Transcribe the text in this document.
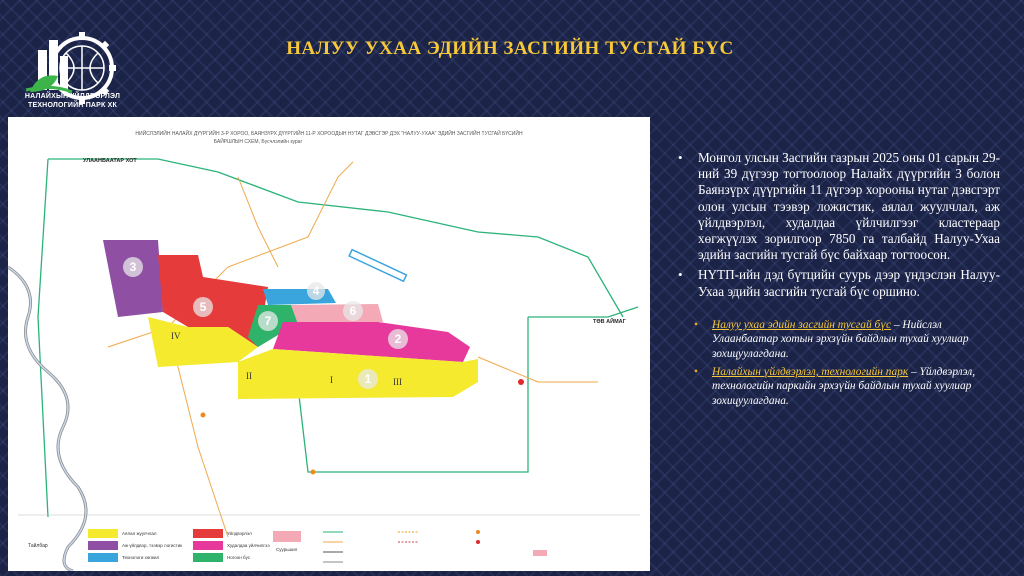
НАЛАЙХЫН ҮЙЛДВЭРЛЭЛ
ТЕХНОЛОГИЙН ПАРК ХК
НАЛУУ УХАА ЭДИЙН ЗАСГИЙН ТУСГАЙ БҮС
НИЙСЛЭЛИЙН НАЛАЙХ ДҮҮРГИЙН 3-Р ХОРОО, БАЯНЗҮРХ ДҮҮРГИЙН 11-Р ХОРООДЫН НУТАГ ДЭВСГЭР ДЭХ "НАЛУУ-УХАА" ЭДИЙН ЗАСГИЙН ТУСГАЙ БҮСИЙН
БАЙРШЛЫН СХЕМ, Бүсчлэлийн зураг
УЛААНБААТАР ХОТ
ТӨВ АЙМАГ
1
2
3
4
5	6
7
I
II
III
IV
Тайлбар
Аялал жуулчлал
Аж үйлдвэр, тээвэр логистик
Технологи хөгжил
Үйлдвэрлэл
Худалдаа үйлчилгээ
Ногоон бүс
Суурьшил
• Монгол улсын Засгийн газрын 2025 оны 01 сарын 29-ний 39 дүгээр тогтоолоор Налайх дүүргийн 3 болон Баянзүрх дүүргийн 11 дүгээр хорооны нутаг дэвсгэрт олон улсын тээвэр ложистик, аялал жуулчлал, аж үйлдвэрлэл, худалдаа үйлчилгээг кластераар хөгжүүлэх зорилгоор 7850 га талбайд Налуу-Ухаа эдийн засгийн тусгай бүс байхаар тогтоосон.
• НҮТП-ийн дэд бүтцийн суурь дээр үндэслэн Налуу-Ухаа эдийн засгийн тусгай бүс оршино.
• Налуу ухаа эдийн засгийн тусгай бүс – Нийслэл Улаанбаатар хотын эрхзүйн байдлын тухай хуулиар зохицуулагдана.
• Налайхын үйлдвэрлэл, технологийн парк – Үйлдвэрлэл, технологийн паркийн эрхзүйн байдлын тухай хуулиар зохицуулагдана.
